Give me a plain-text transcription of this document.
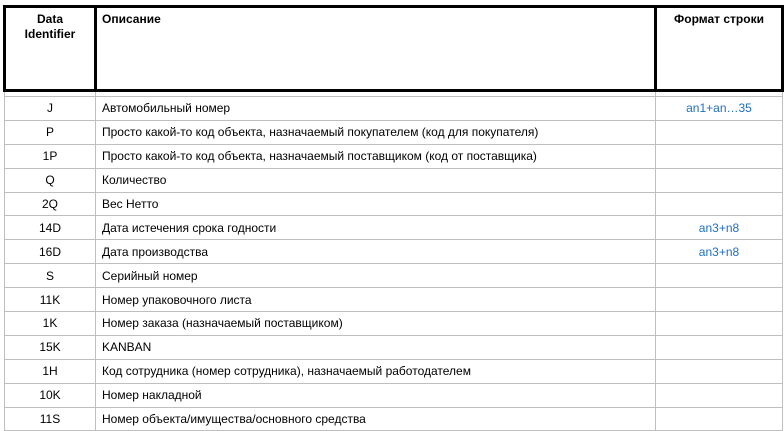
Data Identifier	Описание	Формат строки

J	Автомобильный номер	an1+an…35
P	Просто какой-то код объекта, назначаемый покупателем (код для покупателя)	
1P	Просто какой-то код объекта, назначаемый поставщиком (код от поставщика)	
Q	Количество	
2Q	Вес Нетто	
14D	Дата истечения срока годности	an3+n8
16D	Дата производства	an3+n8
S	Серийный номер	
11K	Номер упаковочного листа	
1K	Номер заказа (назначаемый поставщиком)	
15K	KANBAN	
1H	Код сотрудника (номер сотрудника), назначаемый работодателем	
10K	Номер накладной	
11S	Номер объекта/имущества/основного средства	
